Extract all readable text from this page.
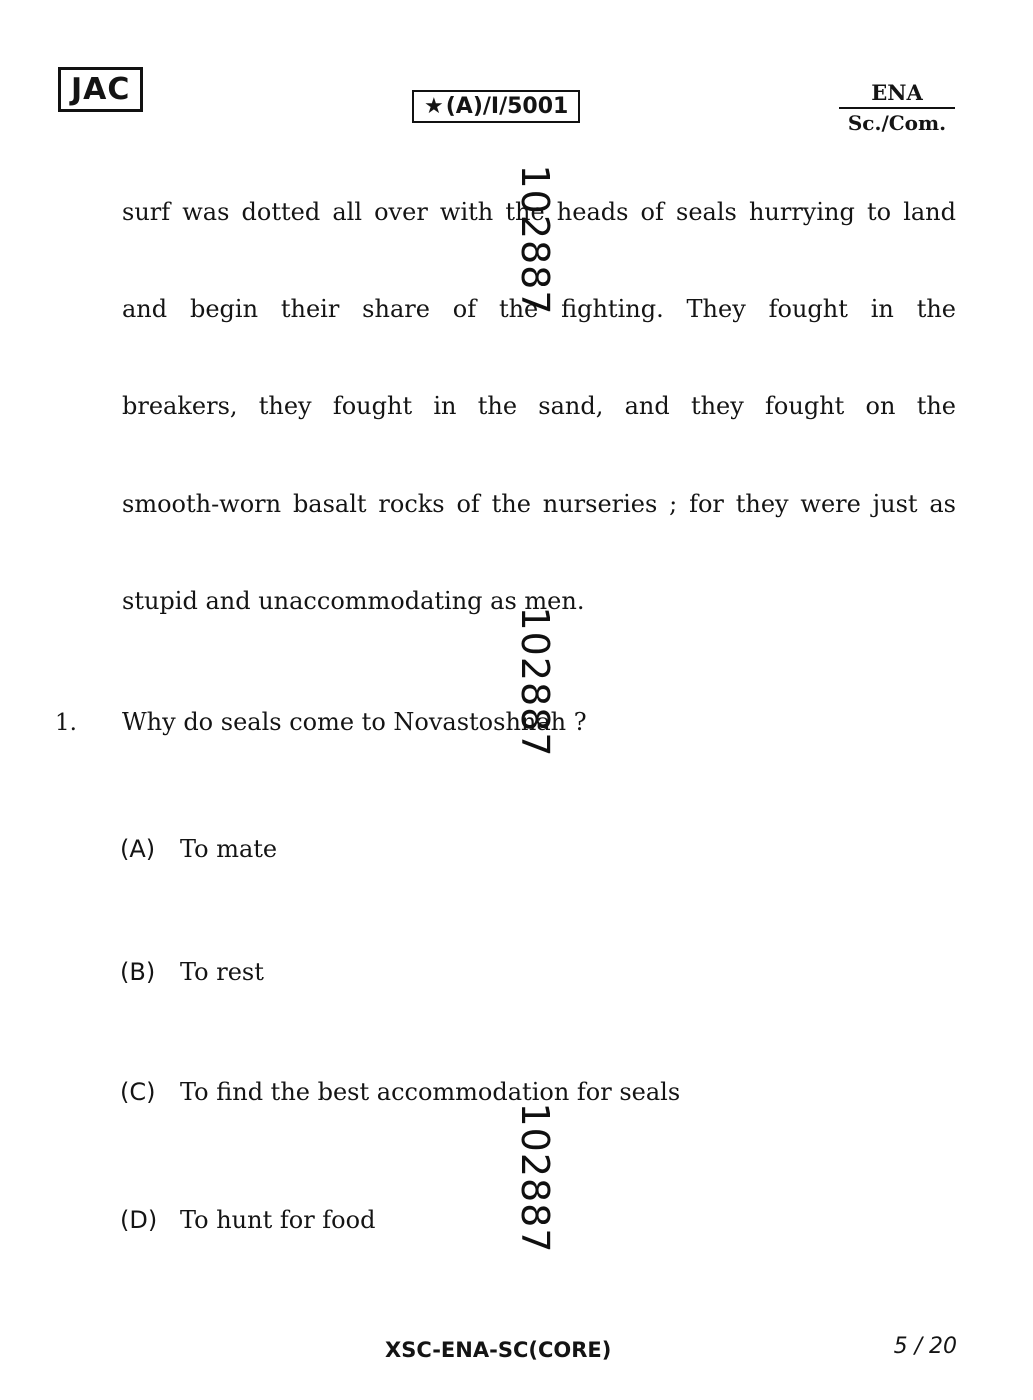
JAC	★(A)/I/5001
ENA
Sc./Com.
surf was dotted all over with the heads of seals hurrying to land
and begin their share of the fighting. They fought in the
breakers, they fought in the sand, and they fought on the
smooth-worn basalt rocks of the nurseries ; for they were just as
stupid and unaccommodating as men.
1. Why do seals come to Novastoshnah ?
(A) To mate
(B) To rest
(C) To find the best accommodation for seals
(D) To hunt for food
102887
102887
102887
XSC-ENA-SC(CORE)	5 / 20
